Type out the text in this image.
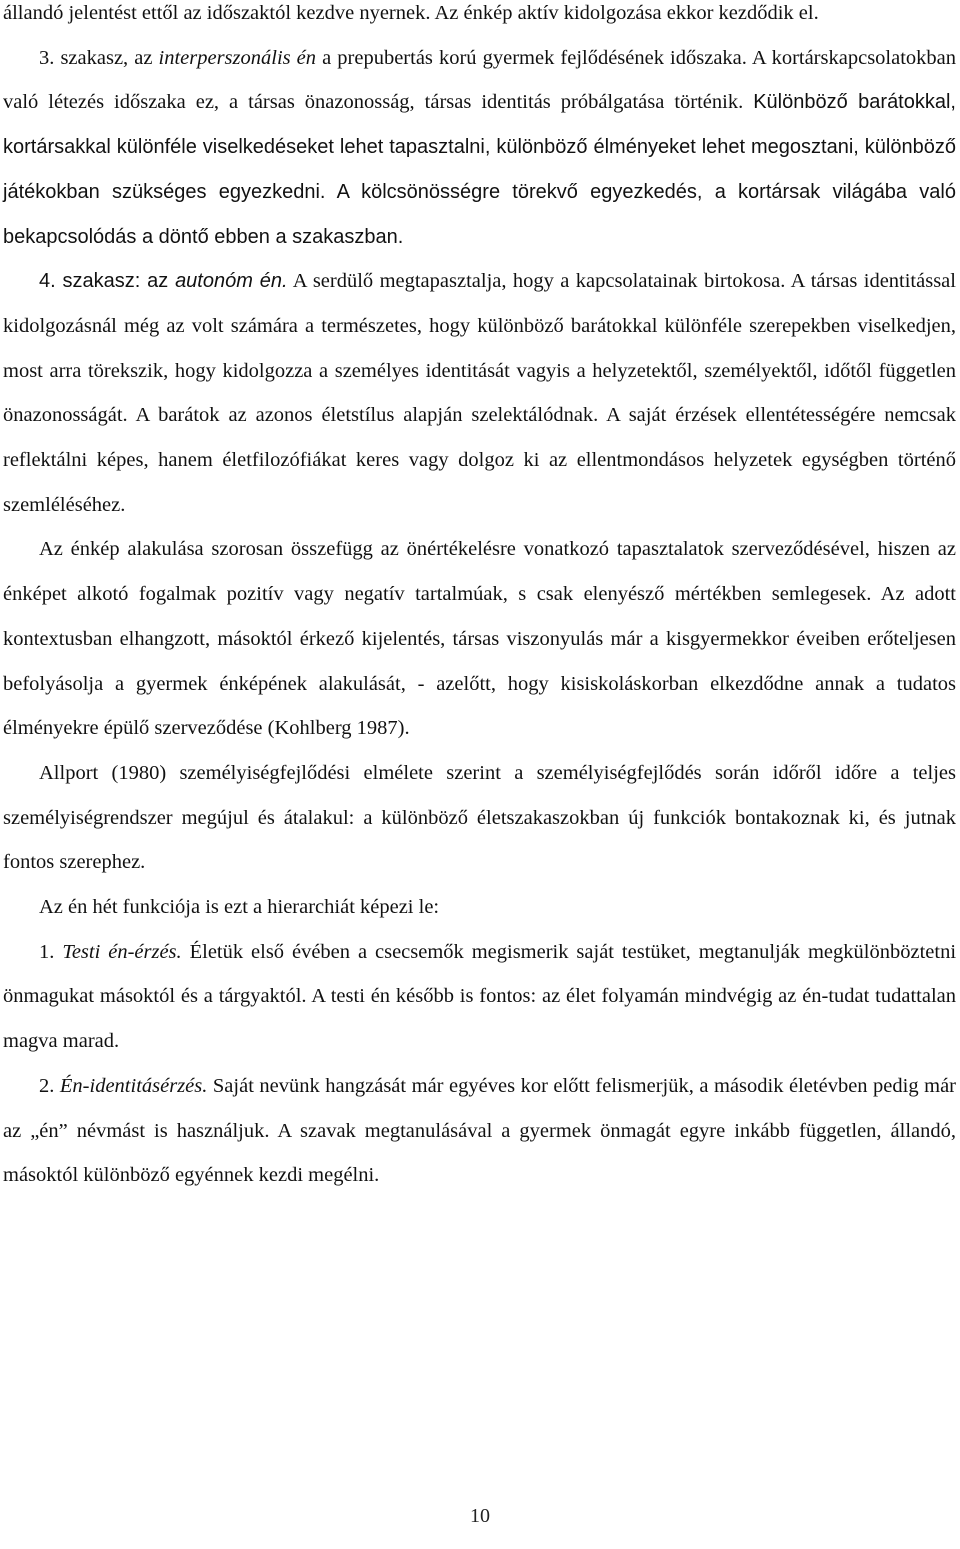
állandó jelentést ettől az időszaktól kezdve nyernek. Az énkép aktív kidolgozása ekkor kezdődik el.

3. szakasz, az interperszonális én a prepubertás korú gyermek fejlődésének időszaka. A kortárskapcsolatokban való létezés időszaka ez, a társas önazonosság, társas identitás próbálgatása történik. Különböző barátokkal, kortársakkal különféle viselkedéseket lehet tapasztalni, különböző élményeket lehet megosztani, különböző játékokban szükséges egyezkedni. A kölcsönösségre törekvő egyezkedés, a kortársak világába való bekapcsolódás a döntő ebben a szakaszban.

4. szakasz: az autonóm én. A serdülő megtapasztalja, hogy a kapcsolatainak birtokosa. A társas identitással kidolgozásnál még az volt számára a természetes, hogy különböző barátokkal különféle szerepekben viselkedjen, most arra törekszik, hogy kidolgozza a személyes identitását vagyis a helyzetektől, személyektől, időtől független önazonosságát. A barátok az azonos életstílus alapján szelektálódnak. A saját érzések ellentétességére nemcsak reflektálni képes, hanem életfilozófiákat keres vagy dolgoz ki az ellentmondásos helyzetek egységben történő szemléléséhez.

Az énkép alakulása szorosan összefügg az önértékelésre vonatkozó tapasztalatok szerveződésével, hiszen az énképet alkotó fogalmak pozitív vagy negatív tartalmúak, s csak elenyésző mértékben semlegesek. Az adott kontextusban elhangzott, másoktól érkező kijelentés, társas viszonyulás már a kisgyermekkor éveiben erőteljesen befolyásolja a gyermek énképének alakulását, - azelőtt, hogy kisiskoláskorban elkezdődne annak a tudatos élményekre épülő szerveződése (Kohlberg 1987).

Allport (1980) személyiségfejlődési elmélete szerint a személyiségfejlődés során időről időre a teljes személyiségrendszer megújul és átalakul: a különböző életszakaszokban új funkciók bontakoznak ki, és jutnak fontos szerephez.

Az én hét funkciója is ezt a hierarchiát képezi le:

1. Testi én-érzés. Életük első évében a csecsemők megismerik saját testüket, megtanulják megkülönböztetni önmagukat másoktól és a tárgyaktól. A testi én később is fontos: az élet folyamán mindvégig az én-tudat tudattalan magva marad.

2. Én-identitásérzés. Saját nevünk hangzását már egyéves kor előtt felismerjük, a második életévben pedig már az „én” névmást is használjuk. A szavak megtanulásával a gyermek önmagát egyre inkább független, állandó, másoktól különböző egyénnek kezdi megélni.

10
